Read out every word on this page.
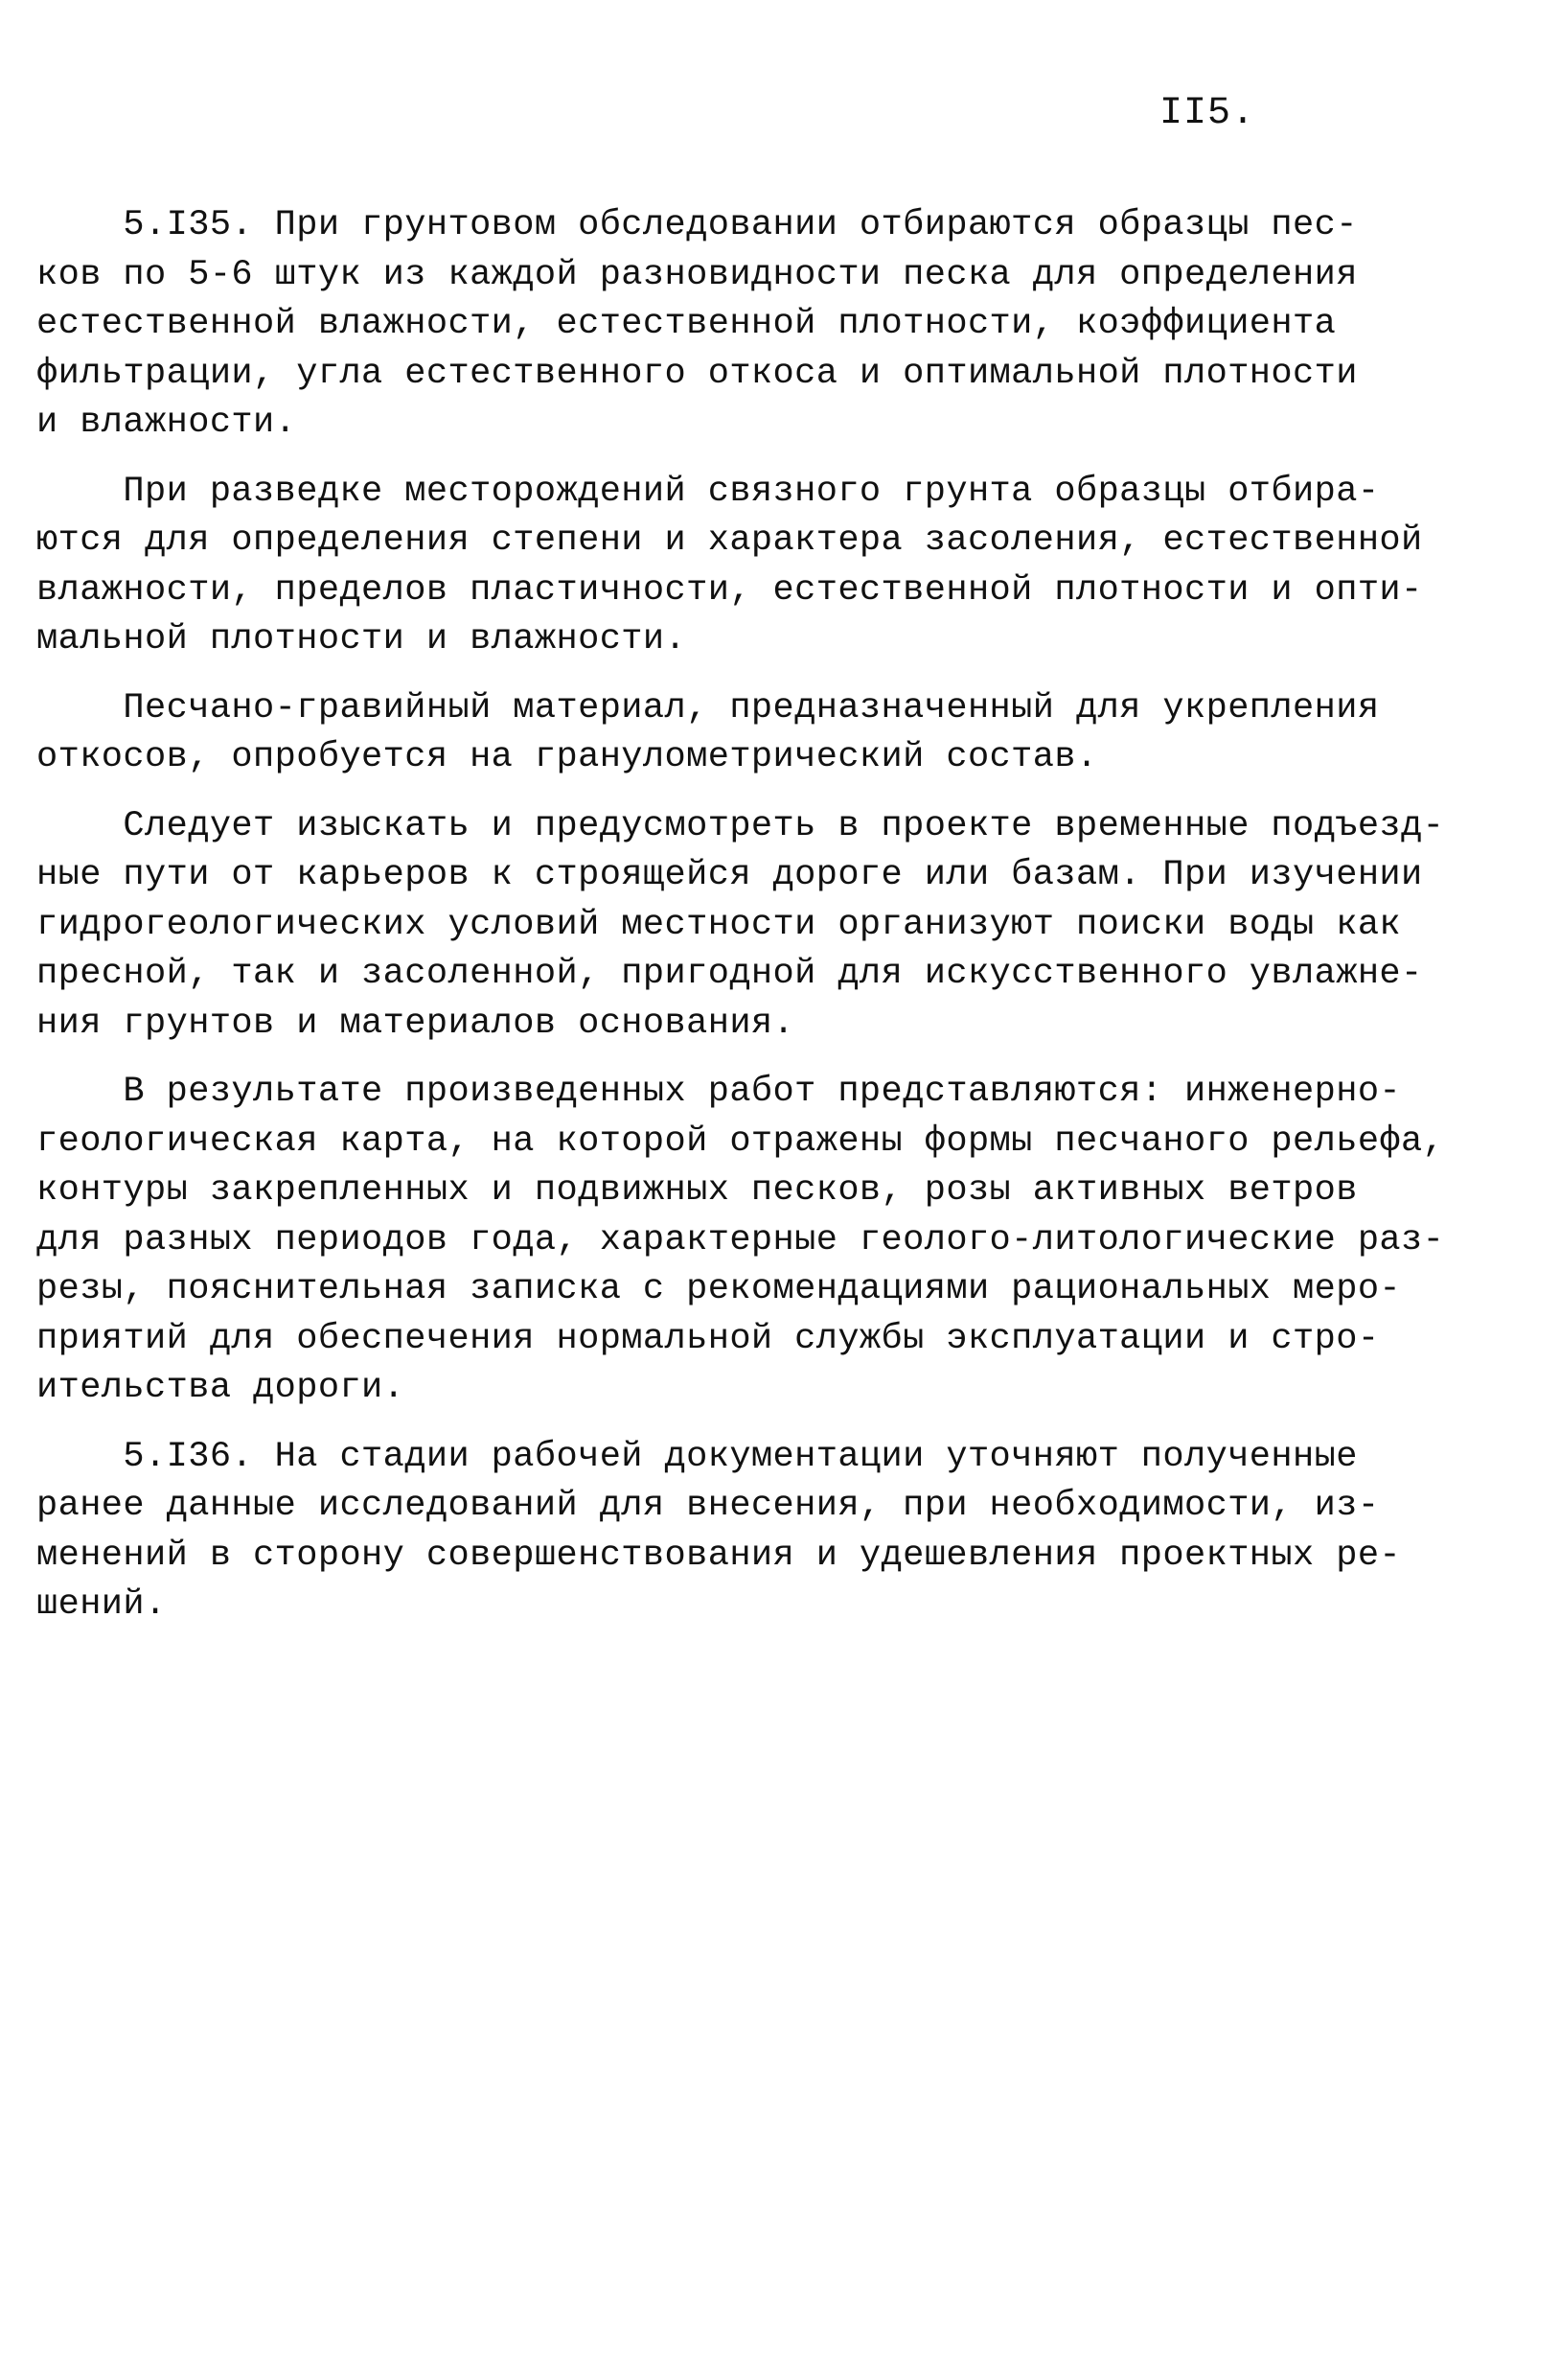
II5.
5.I35. При грунтовом обследовании отбираются образцы пес-
ков по 5-6 штук из каждой разновидности песка для определения
естественной влажности, естественной плотности, коэффициента
фильтрации, угла естественного откоса и оптимальной плотности
и влажности.
При разведке месторождений связного грунта образцы отбира-
ются для определения степени и характера засоления, естественной
влажности, пределов пластичности, естественной плотности и опти-
мальной плотности и влажности.
Песчано-гравийный материал, предназначенный для укрепления
откосов, опробуется на гранулометрический состав.
Следует изыскать и предусмотреть в проекте временные подъезд-
ные пути от карьеров к строящейся дороге или базам. При изучении
гидрогеологических условий местности организуют поиски воды как
пресной, так и засоленной, пригодной для искусственного увлажне-
ния грунтов и материалов основания.
В результате произведенных работ представляются: инженерно-
геологическая карта, на которой отражены формы песчаного рельефа,
контуры закрепленных и подвижных песков, розы активных ветров
для разных периодов года, характерные геолого-литологические раз-
резы, пояснительная записка с рекомендациями рациональных меро-
приятий для обеспечения нормальной службы эксплуатации и стро-
ительства дороги.
5.I36. На стадии рабочей документации уточняют полученные
ранее данные исследований для внесения, при необходимости, из-
менений в сторону совершенствования и удешевления проектных ре-
шений.
